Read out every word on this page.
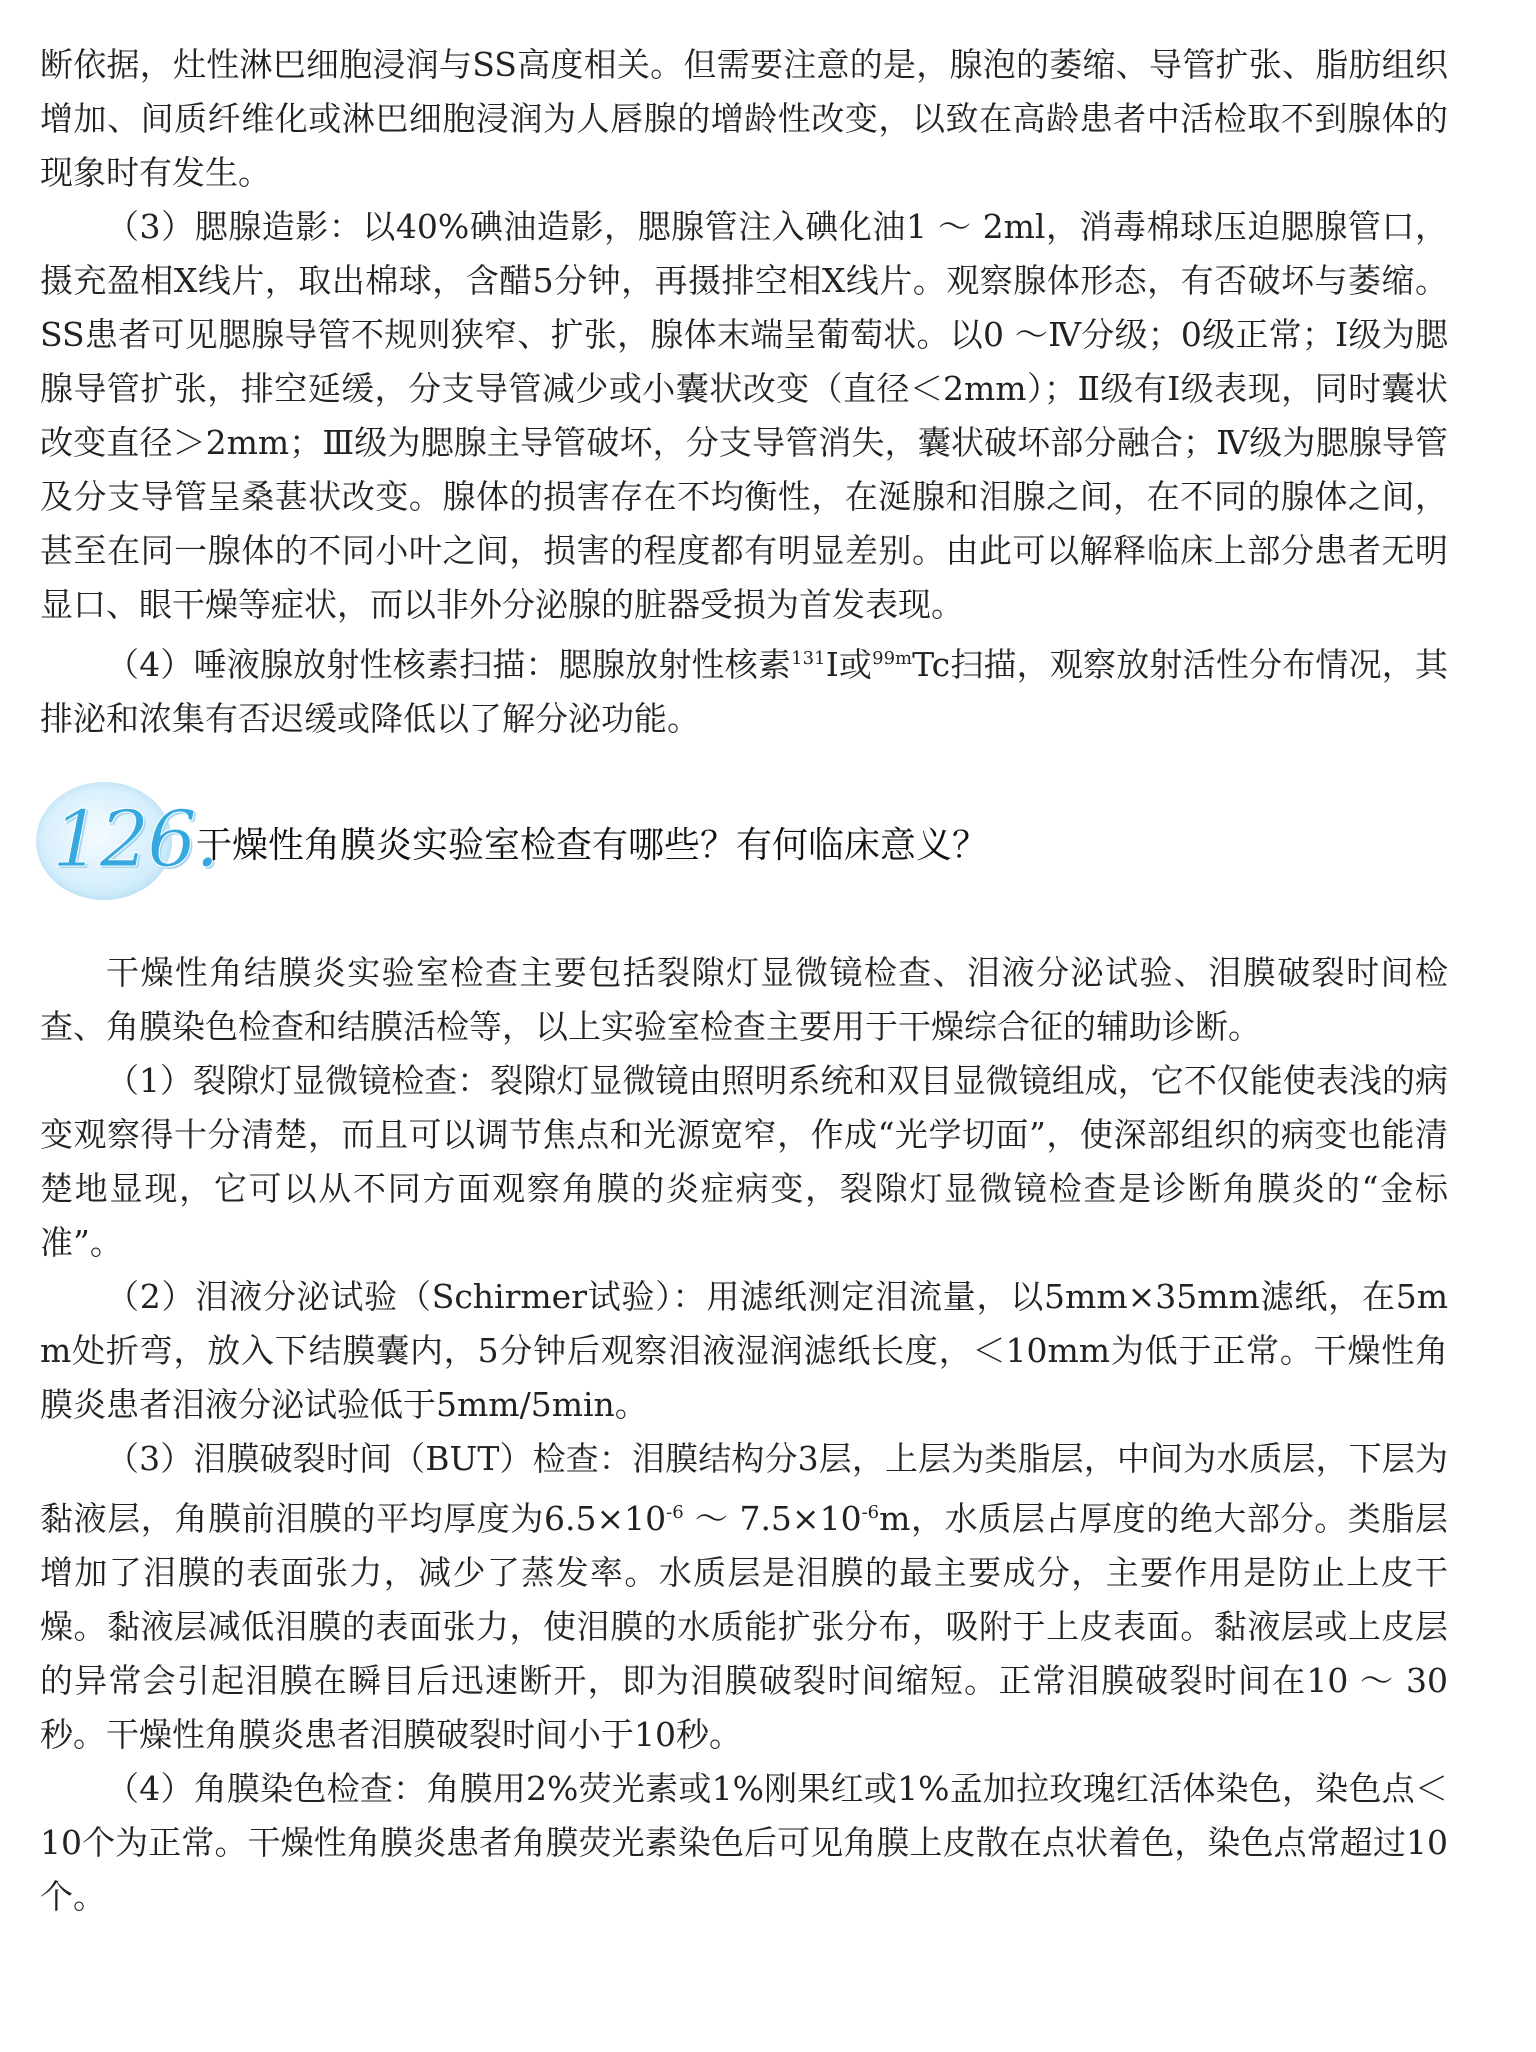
断依据，灶性淋巴细胞浸润与SS高度相关。但需要注意的是，腺泡的萎缩、导管扩张、脂肪组织增加、间质纤维化或淋巴细胞浸润为人唇腺的增龄性改变，以致在高龄患者中活检取不到腺体的现象时有发生。

（3）腮腺造影：以40%碘油造影，腮腺管注入碘化油1 ～ 2ml，消毒棉球压迫腮腺管口，摄充盈相X线片，取出棉球，含醋5分钟，再摄排空相X线片。观察腺体形态，有否破坏与萎缩。SS患者可见腮腺导管不规则狭窄、扩张，腺体末端呈葡萄状。以0 ～Ⅳ分级；0级正常；Ⅰ级为腮腺导管扩张，排空延缓，分支导管减少或小囊状改变（直径＜2mm）；Ⅱ级有Ⅰ级表现，同时囊状改变直径＞2mm；Ⅲ级为腮腺主导管破坏，分支导管消失，囊状破坏部分融合；Ⅳ级为腮腺导管及分支导管呈桑葚状改变。腺体的损害存在不均衡性，在涎腺和泪腺之间，在不同的腺体之间，甚至在同一腺体的不同小叶之间，损害的程度都有明显差别。由此可以解释临床上部分患者无明显口、眼干燥等症状，而以非外分泌腺的脏器受损为首发表现。

（4）唾液腺放射性核素扫描：腮腺放射性核素$^{131}$Ⅰ或$^{99m}$Tc扫描，观察放射活性分布情况，其排泌和浓集有否迟缓或降低以了解分泌功能。

126.
干燥性角膜炎实验室检查有哪些？有何临床意义？

干燥性角结膜炎实验室检查主要包括裂隙灯显微镜检查、泪液分泌试验、泪膜破裂时间检查、角膜染色检查和结膜活检等，以上实验室检查主要用于干燥综合征的辅助诊断。

（1）裂隙灯显微镜检查：裂隙灯显微镜由照明系统和双目显微镜组成，它不仅能使表浅的病变观察得十分清楚，而且可以调节焦点和光源宽窄，作成“光学切面”，使深部组织的病变也能清楚地显现，它可以从不同方面观察角膜的炎症病变，裂隙灯显微镜检查是诊断角膜炎的“金标准”。

（2）泪液分泌试验（Schirmer试验）：用滤纸测定泪流量，以5mm×35mm滤纸，在5mm处折弯，放入下结膜囊内，5分钟后观察泪液湿润滤纸长度，＜10mm为低于正常。干燥性角膜炎患者泪液分泌试验低于5mm/5min。

（3）泪膜破裂时间（BUT）检查：泪膜结构分3层，上层为类脂层，中间为水质层，下层为黏液层，角膜前泪膜的平均厚度为$6.5\times 10^{-6}$ ～ $7.5\times 10^{-6}m$，水质层占厚度的绝大部分。类脂层增加了泪膜的表面张力，减少了蒸发率。水质层是泪膜的最主要成分，主要作用是防止上皮干燥。黏液层减低泪膜的表面张力，使泪膜的水质能扩张分布，吸附于上皮表面。黏液层或上皮层的异常会引起泪膜在瞬目后迅速断开，即为泪膜破裂时间缩短。正常泪膜破裂时间在10 ～ 30秒。干燥性角膜炎患者泪膜破裂时间小于10秒。

（4）角膜染色检查：角膜用2%荧光素或1%刚果红或1%孟加拉玫瑰红活体染色，染色点＜10个为正常。干燥性角膜炎患者角膜荧光素染色后可见角膜上皮散在点状着色，染色点常超过10个。
